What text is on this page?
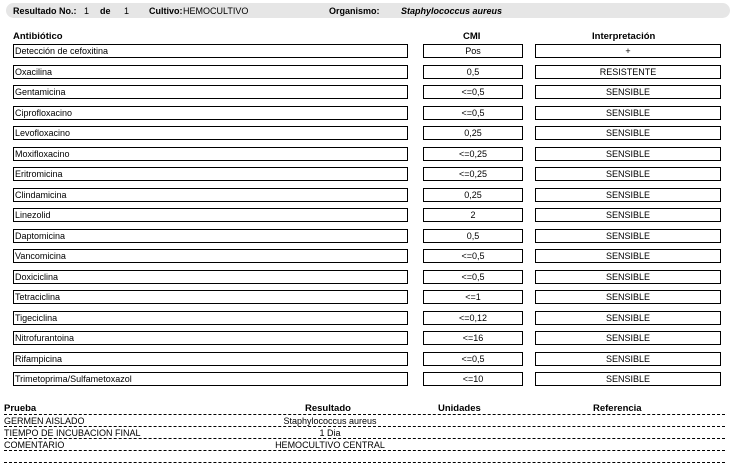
Resultado No.: 1 de 1 Cultivo: HEMOCULTIVO	Organismo: Staphylococcus aureus
Antibiótico	CMI	Interpretación
Detección de cefoxitina	Pos	+
Oxacilina	0,5	RESISTENTE
Gentamicina	<=0,5	SENSIBLE
Ciprofloxacino	<=0,5	SENSIBLE
Levofloxacino	0,25	SENSIBLE
Moxifloxacino	<=0,25	SENSIBLE
Eritromicina	<=0,25	SENSIBLE
Clindamicina	0,25	SENSIBLE
Linezolid	2	SENSIBLE
Daptomicina	0,5	SENSIBLE
Vancomicina	<=0,5	SENSIBLE
Doxiciclina	<=0,5	SENSIBLE
Tetraciclina	<=1	SENSIBLE
Tigeciclina	<=0,12	SENSIBLE
Nitrofurantoina	<=16	SENSIBLE
Rifampicina	<=0,5	SENSIBLE
Trimetoprima/Sulfametoxazol	<=10	SENSIBLE
Prueba	Resultado	Unidades	Referencia
GERMEN AISLADO	Staphylococcus aureus
TIEMPO DE INCUBACION FINAL	1 Dia
COMENTARIO	HEMOCULTIVO CENTRAL
